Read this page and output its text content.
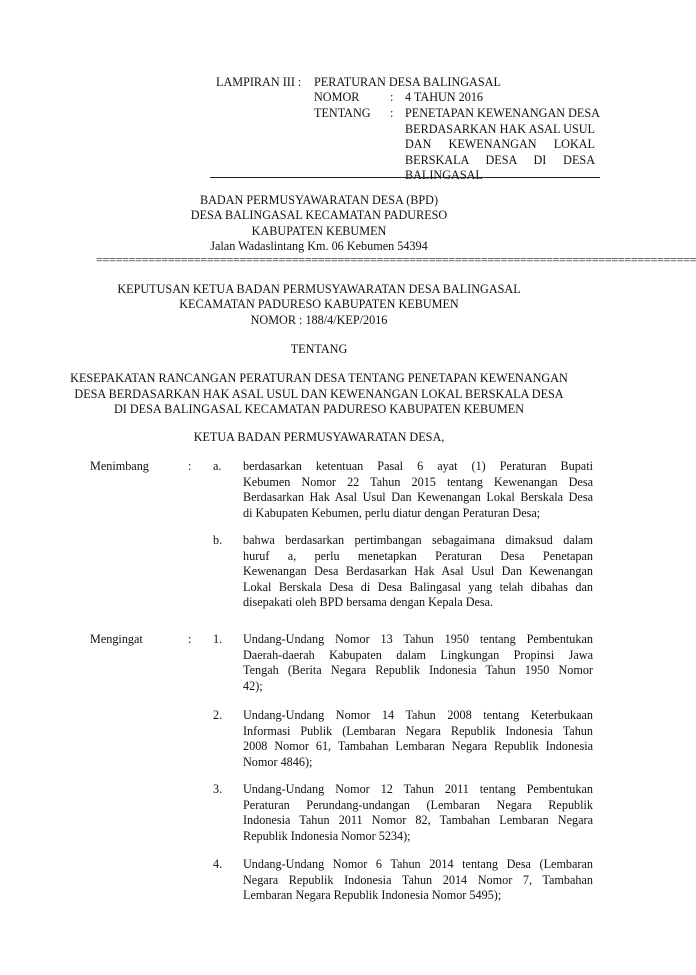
LAMPIRAN III : PERATURAN DESA BALINGASAL
NOMOR	: 4 TAHUN 2016
TENTANG : PENETAPAN KEWENANGAN DESA
BERDASARKAN HAK ASAL USUL
DAN KEWENANGAN LOKAL
BERSKALA DESA DI DESA
BALINGASAL
BADAN PERMUSYAWARATAN DESA (BPD)
DESA BALINGASAL KECAMATAN PADURESO
KABUPATEN KEBUMEN
Jalan Wadaslintang Km. 06 Kebumen 54394
============================================================================================
KEPUTUSAN KETUA BADAN PERMUSYAWARATAN DESA BALINGASAL
KECAMATAN PADURESO KABUPATEN KEBUMEN
NOMOR : 188/4/KEP/2016
TENTANG
KESEPAKATAN RANCANGAN PERATURAN DESA TENTANG PENETAPAN KEWENANGAN
DESA BERDASARKAN HAK ASAL USUL DAN KEWENANGAN LOKAL BERSKALA DESA
DI DESA BALINGASAL KECAMATAN PADURESO KABUPATEN KEBUMEN
KETUA BADAN PERMUSYAWARATAN DESA,
Menimbang	: a. berdasarkan ketentuan Pasal 6 ayat (1) Peraturan Bupati
Kebumen Nomor 22 Tahun 2015 tentang Kewenangan Desa
Berdasarkan Hak Asal Usul Dan Kewenangan Lokal Berskala Desa
di Kabupaten Kebumen, perlu diatur dengan Peraturan Desa;
b. bahwa berdasarkan pertimbangan sebagaimana dimaksud dalam
huruf a, perlu menetapkan Peraturan Desa Penetapan
Kewenangan Desa Berdasarkan Hak Asal Usul Dan Kewenangan
Lokal Berskala Desa di Desa Balingasal yang telah dibahas dan
disepakati oleh BPD bersama dengan Kepala Desa.
Mengingat	: 1. Undang-Undang Nomor 13 Tahun 1950 tentang Pembentukan
Daerah-daerah Kabupaten dalam Lingkungan Propinsi Jawa
Tengah (Berita Negara Republik Indonesia Tahun 1950 Nomor
42);
2. Undang-Undang Nomor 14 Tahun 2008 tentang Keterbukaan
Informasi Publik (Lembaran Negara Republik Indonesia Tahun
2008 Nomor 61, Tambahan Lembaran Negara Republik Indonesia
Nomor 4846);
3. Undang-Undang Nomor 12 Tahun 2011 tentang Pembentukan
Peraturan Perundang-undangan (Lembaran Negara Republik
Indonesia Tahun 2011 Nomor 82, Tambahan Lembaran Negara
Republik Indonesia Nomor 5234);
4. Undang-Undang Nomor 6 Tahun 2014 tentang Desa (Lembaran
Negara Republik Indonesia Tahun 2014 Nomor 7, Tambahan
Lembaran Negara Republik Indonesia Nomor 5495);
